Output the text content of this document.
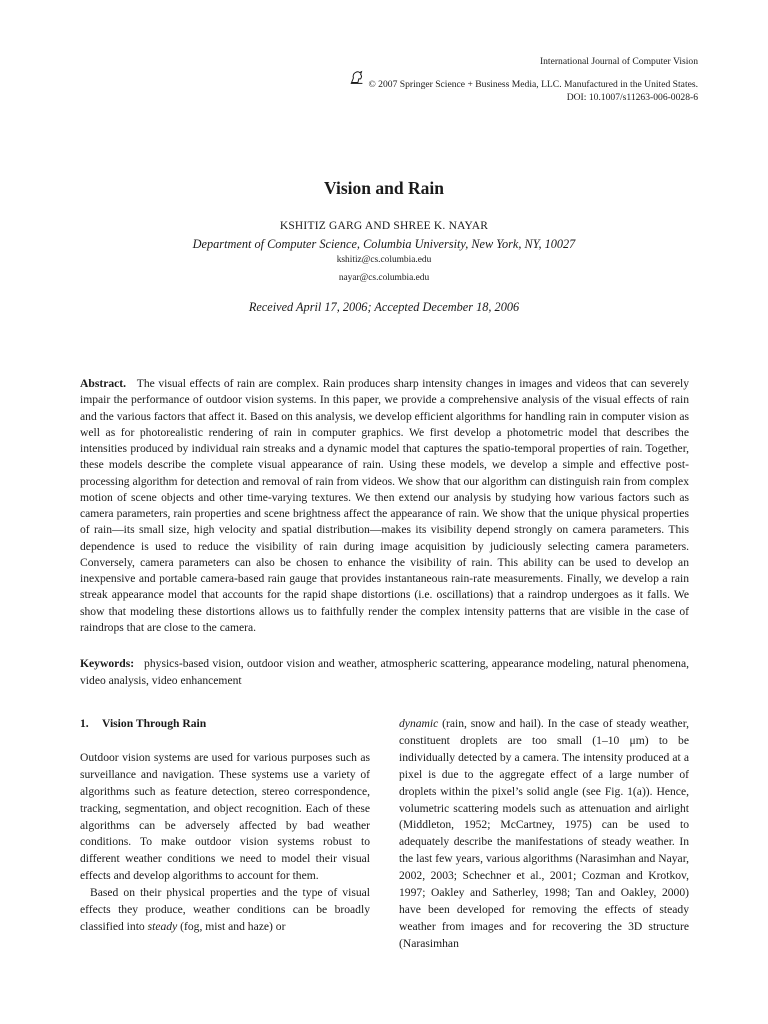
International Journal of Computer Vision
© 2007 Springer Science + Business Media, LLC. Manufactured in the United States.
DOI: 10.1007/s11263-006-0028-6
Vision and Rain
KSHITIZ GARG AND SHREE K. NAYAR
Department of Computer Science, Columbia University, New York, NY, 10027
kshitiz@cs.columbia.edu
nayar@cs.columbia.edu
Received April 17, 2006; Accepted December 18, 2006
Abstract. The visual effects of rain are complex. Rain produces sharp intensity changes in images and videos that can severely impair the performance of outdoor vision systems. In this paper, we provide a comprehensive analysis of the visual effects of rain and the various factors that affect it. Based on this analysis, we develop efficient algorithms for handling rain in computer vision as well as for photorealistic rendering of rain in computer graphics. We first develop a photometric model that describes the intensities produced by individual rain streaks and a dynamic model that captures the spatio-temporal properties of rain. Together, these models describe the complete visual appearance of rain. Using these models, we develop a simple and effective post-processing algorithm for detection and removal of rain from videos. We show that our algorithm can distinguish rain from complex motion of scene objects and other time-varying textures. We then extend our analysis by studying how various factors such as camera parameters, rain properties and scene brightness affect the appearance of rain. We show that the unique physical properties of rain—its small size, high velocity and spatial distribution—makes its visibility depend strongly on camera parameters. This dependence is used to reduce the visibility of rain during image acquisition by judiciously selecting camera parameters. Conversely, camera parameters can also be chosen to enhance the visibility of rain. This ability can be used to develop an inexpensive and portable camera-based rain gauge that provides instantaneous rain-rate measurements. Finally, we develop a rain streak appearance model that accounts for the rapid shape distortions (i.e. oscillations) that a raindrop undergoes as it falls. We show that modeling these distortions allows us to faithfully render the complex intensity patterns that are visible in the case of raindrops that are close to the camera.
Keywords: physics-based vision, outdoor vision and weather, atmospheric scattering, appearance modeling, natural phenomena, video analysis, video enhancement
1. Vision Through Rain

Outdoor vision systems are used for various purposes such as surveillance and navigation. These systems use a variety of algorithms such as feature detection, stereo correspondence, tracking, segmentation, and object recognition. Each of these algorithms can be adversely affected by bad weather conditions. To make outdoor vision systems robust to different weather conditions we need to model their visual effects and develop algorithms to account for them.

Based on their physical properties and the type of visual effects they produce, weather conditions can be broadly classified into steady (fog, mist and haze) or

dynamic (rain, snow and hail). In the case of steady weather, constituent droplets are too small (1–10 μm) to be individually detected by a camera. The intensity produced at a pixel is due to the aggregate effect of a large number of droplets within the pixel’s solid angle (see Fig. 1(a)). Hence, volumetric scattering models such as attenuation and airlight (Middleton, 1952; McCartney, 1975) can be used to adequately describe the manifestations of steady weather. In the last few years, various algorithms (Narasimhan and Nayar, 2002, 2003; Schechner et al., 2001; Cozman and Krotkov, 1997; Oakley and Satherley, 1998; Tan and Oakley, 2000) have been developed for removing the effects of steady weather from images and for recovering the 3D structure (Narasimhan
